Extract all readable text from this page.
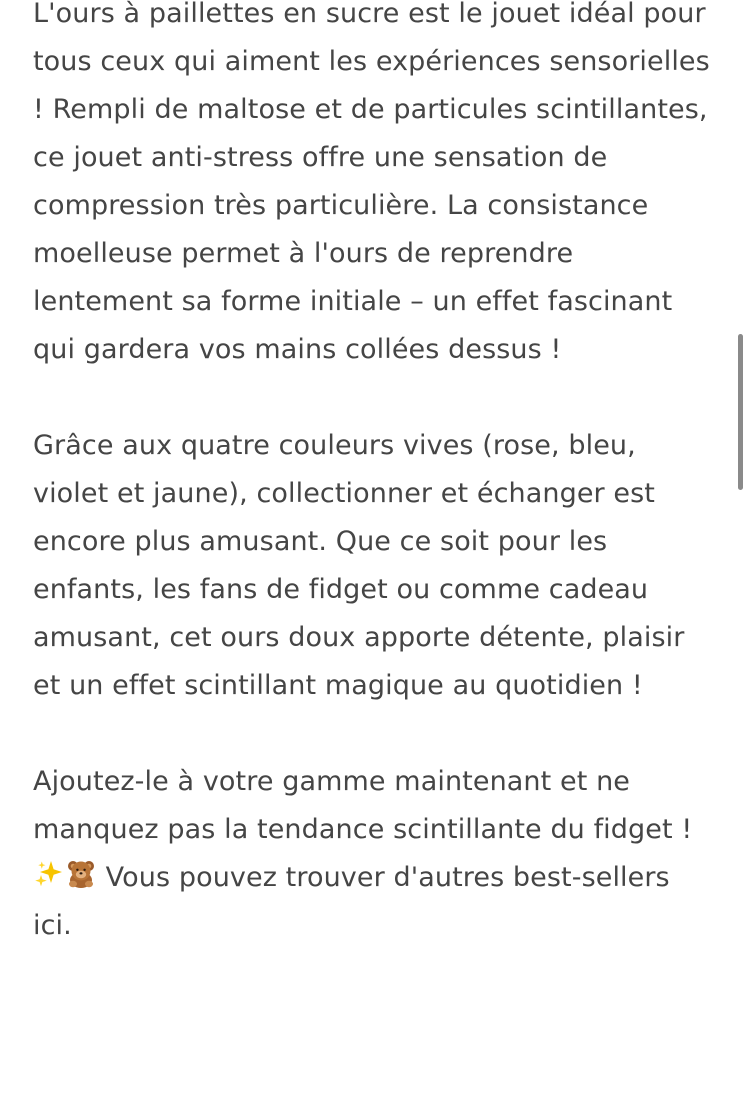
L'ours à paillettes en sucre est le jouet idéal pour tous ceux qui aiment les expériences sensorielles ! Rempli de maltose et de particules scintillantes, ce jouet anti-stress offre une sensation de compression très particulière. La consistance moelleuse permet à l'ours de reprendre lentement sa forme initiale – un effet fascinant qui gardera vos mains collées dessus !

Grâce aux quatre couleurs vives (rose, bleu, violet et jaune), collectionner et échanger est encore plus amusant. Que ce soit pour les enfants, les fans de fidget ou comme cadeau amusant, cet ours doux apporte détente, plaisir et un effet scintillant magique au quotidien !

Ajoutez-le à votre gamme maintenant et ne manquez pas la tendance scintillante du fidget !  Vous pouvez trouver d'autres best-sellers ici.
